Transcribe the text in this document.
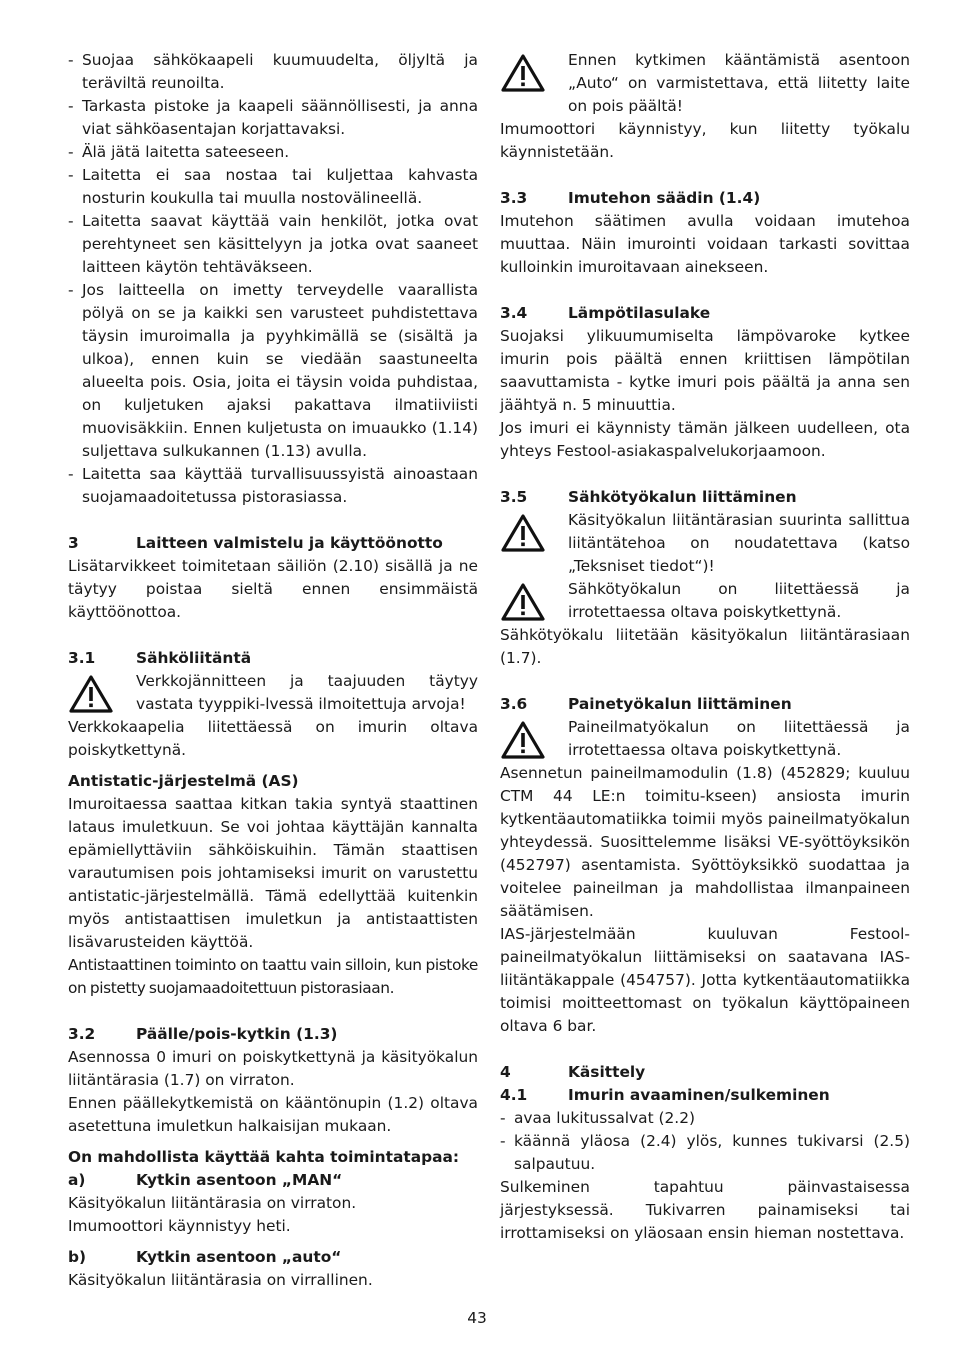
- Suojaa sähkökaapeli kuumuudelta, öljyltä ja teräviltä reunoilta.
- Tarkasta pistoke ja kaapeli säännöllisesti, ja anna viat sähköasentajan korjattavaksi.
- Älä jätä laitetta sateeseen.
- Laitetta ei saa nostaa tai kuljettaa kahvasta nosturin koukulla tai muulla nostovälineellä.
- Laitetta saavat käyttää vain henkilöt, jotka ovat perehtyneet sen käsittelyyn ja jotka ovat saaneet laitteen käytön tehtäväkseen.
- Jos laitteella on imetty terveydelle vaarallista pölyä on se ja kaikki sen varusteet puhdistettava täysin imuroimalla ja pyyhkimällä se (sisältä ja ulkoa), ennen kuin se viedään saastuneelta alueelta pois. Osia, joita ei täysin voida puhdistaa, on kuljetuken ajaksi pakattava ilmatiiviisti muovisäkkiin. Ennen kuljetusta on imuaukko (1.14) suljettava sulkukannen (1.13) avulla.
- Laitetta saa käyttää turvallisuussyistä ainoastaan suojamaadoitetussa pistorasiassa.
3	Laitteen valmistelu ja käyttöönotto

Lisätarvikkeet toimitetaan säiliön (2.10) sisällä ja ne täytyy poistaa sieltä ennen ensimmäistä käyttöönottoa.

3.1	Sähköliitäntä
Verkkojännitteen ja taajuuden täytyy vastata tyyppiki-lvessä ilmoitettuja arvoja!

Verkkokaapelia liitettäessä on imurin oltava poiskytkettynä.

Antistatic-järjestelmä (AS)

Imuroitaessa saattaa kitkan takia syntyä staattinen lataus imuletkuun. Se voi johtaa käyttäjän kannalta epämiellyttäviin sähköiskuihin. Tämän staattisen varautumisen pois johtamiseksi imurit on varustettu antistatic-järjestelmällä. Tämä edellyttää kuitenkin myös antistaattisen imuletkun ja antistaattisten lisävarusteiden käyttöä.

Antistaattinen toiminto on taattu vain silloin, kun pistoke on pistetty suojamaadoitettuun pistorasiaan.

3.2	Päälle/pois-kytkin (1.3)

Asennossa 0 imuri on poiskytkettynä ja käsityökalun liitäntärasia (1.7) on virraton.

Ennen päällekytkemistä on kääntönupin (1.2) oltava asetettuna imuletkun halkaisijan mukaan.

On mahdollista käyttää kahta toimintatapaa:
a)	Kytkin asentoon „MAN“

Käsityökalun liitäntärasia on virraton.

Imumoottori käynnistyy heti.

b)	Kytkin asentoon „auto“

Käsityökalun liitäntärasia on virrallinen.

Ennen kytkimen kääntämistä asentoon „Auto“ on varmistettava, että liitetty laite on pois päältä!

Imumoottori käynnistyy, kun liitetty työkalu käynnistetään.

3.3	Imutehon säädin (1.4)

Imutehon säätimen avulla voidaan imutehoa muuttaa. Näin imurointi voidaan tarkasti sovittaa kulloinkin imuroitavaan ainekseen.

3.4	Lämpötilasulake

Suojaksi ylikuumumiselta lämpövaroke kytkee imurin pois päältä ennen kriittisen lämpötilan saavuttamista - kytke imuri pois päältä ja anna sen jäähtyä n. 5 minuuttia.

Jos imuri ei käynnisty tämän jälkeen uudelleen, ota yhteys Festool-asiakaspalvelukorjaamoon.

3.5	Sähkötyökalun liittäminen
Käsityökalun liitäntärasian suurinta sallittua liitäntätehoa on noudatettava (katso „Teksniset tiedot“)!
Sähkötyökalun on liitettäessä ja irrotettaessa oltava poiskytkettynä.

Sähkötyökalu liitetään käsityökalun liitäntärasiaan (1.7).

3.6	Painetyökalun liittäminen
Paineilmatyökalun on liitettäessä ja irrotettaessa oltava poiskytkettynä.

Asennetun paineilmamodulin (1.8) (452829; kuuluu CTM 44 LE:n toimitu-kseen) ansiosta imurin kytkentäautomatiikka toimii myös paineilmatyökalun yhteydessä. Suosittelemme lisäksi VE-syöttöyksikön (452797) asentamista. Syöttöyksikkö suodattaa ja voitelee paineilman ja mahdollistaa ilmanpaineen säätämisen.

IAS-järjestelmään kuuluvan Festool-paineilmatyökalun liittämiseksi on saatavana IAS-liitäntäkappale (454757). Jotta kytkentäautomatiikka toimisi moitteettomast on työkalun käyttöpaineen oltava 6 bar.

4	Käsittely
4.1	Imurin avaaminen/sulkeminen
- avaa lukitussalvat (2.2)
- käännä yläosa (2.4) ylös, kunnes tukivarsi (2.5) salpautuu.

Sulkeminen tapahtuu päinvastaisessa järjestyksessä. Tukivarren painamiseksi tai irrottamiseksi on yläosaan ensin hieman nostettava.

43
